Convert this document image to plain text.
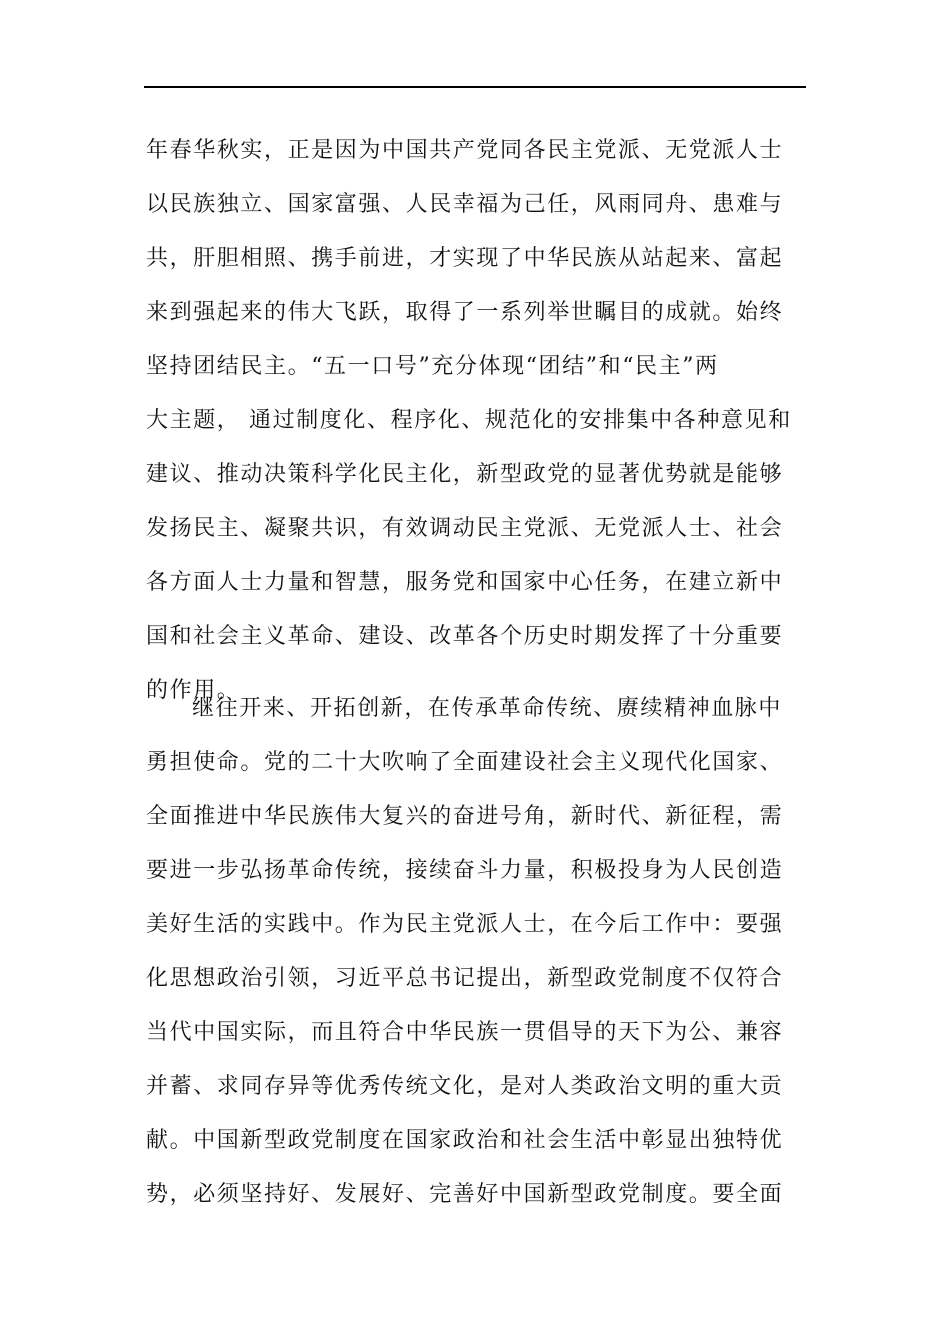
年春华秋实，正是因为中国共产党同各民主党派、无党派人士
以民族独立、国家富强、人民幸福为己任，风雨同舟、患难与
共，肝胆相照、携手前进，才实现了中华民族从站起来、富起
来到强起来的伟大飞跃，取得了一系列举世瞩目的成就。始终
坚持团结民主。“五一口号”充分体现“团结”和“民主”两
大主题， 通过制度化、程序化、规范化的安排集中各种意见和
建议、推动决策科学化民主化，新型政党的显著优势就是能够
发扬民主、凝聚共识，有效调动民主党派、无党派人士、社会
各方面人士力量和智慧，服务党和国家中心任务，在建立新中
国和社会主义革命、建设、改革各个历史时期发挥了十分重要
的作用。
继往开来、开拓创新，在传承革命传统、赓续精神血脉中
勇担使命。党的二十大吹响了全面建设社会主义现代化国家、
全面推进中华民族伟大复兴的奋进号角，新时代、新征程，需
要进一步弘扬革命传统，接续奋斗力量，积极投身为人民创造
美好生活的实践中。作为民主党派人士，在今后工作中：要强
化思想政治引领，习近平总书记提出，新型政党制度不仅符合
当代中国实际，而且符合中华民族一贯倡导的天下为公、兼容
并蓄、求同存异等优秀传统文化，是对人类政治文明的重大贡
献。中国新型政党制度在国家政治和社会生活中彰显出独特优
势，必须坚持好、发展好、完善好中国新型政党制度。要全面
